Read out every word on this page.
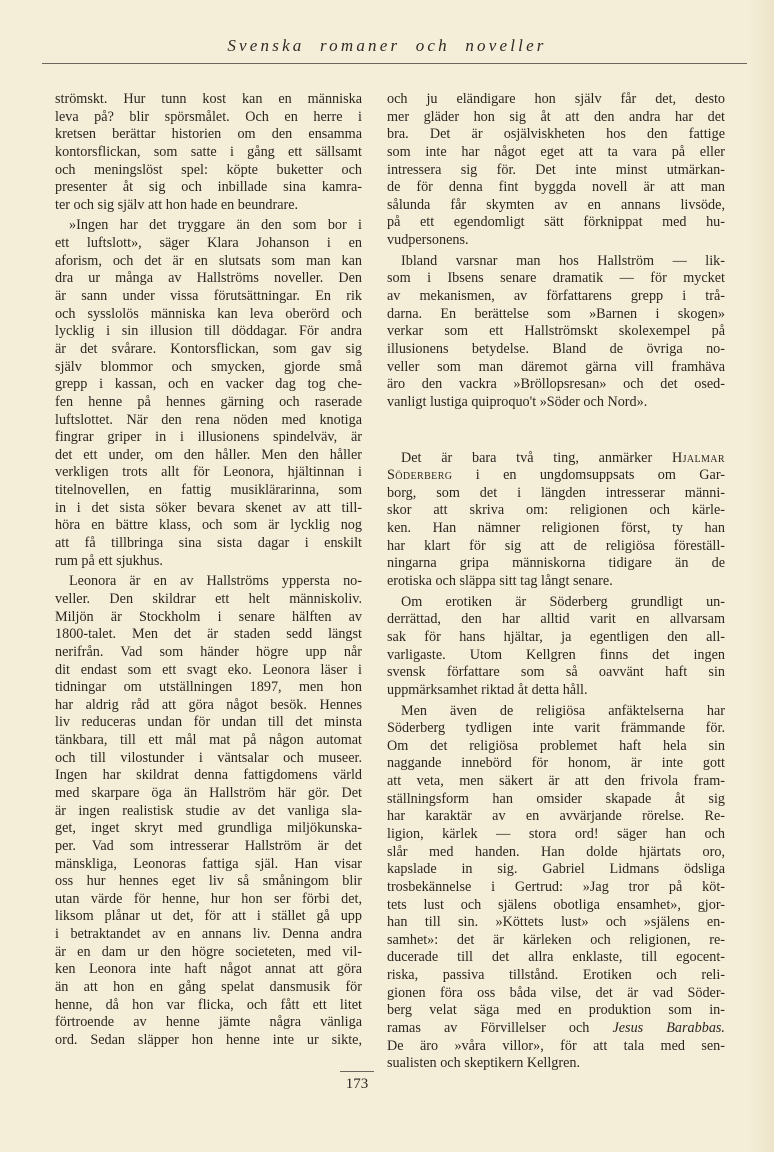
Svenska romaner och noveller
strömskt. Hur tunn kost kan en människa
leva på? blir spörsmålet. Och en herre i
kretsen berättar historien om den ensamma
kontorsflickan, som satte i gång ett sällsamt
och meningslöst spel: köpte buketter och
presenter åt sig och inbillade sina kamra-
ter och sig själv att hon hade en beundrare.
»Ingen har det tryggare än den som bor i
ett luftslott», säger Klara Johanson i en
aforism, och det är en slutsats som man kan
dra ur många av Hallströms noveller. Den
är sann under vissa förutsättningar. En rik
och sysslolös människa kan leva oberörd och
lycklig i sin illusion till döddagar. För andra
är det svårare. Kontorsflickan, som gav sig
själv blommor och smycken, gjorde små
grepp i kassan, och en vacker dag tog che-
fen henne på hennes gärning och raserade
luftslottet. När den rena nöden med knotiga
fingrar griper in i illusionens spindelväv, är
det ett under, om den håller. Men den håller
verkligen trots allt för Leonora, hjältinnan i
titelnovellen, en fattig musiklärarinna, som
in i det sista söker bevara skenet av att till-
höra en bättre klass, och som är lycklig nog
att få tillbringa sina sista dagar i enskilt
rum på ett sjukhus.
Leonora är en av Hallströms yppersta no-
veller. Den skildrar ett helt människoliv.
Miljön är Stockholm i senare hälften av
1800-talet. Men det är staden sedd längst
nerifrån. Vad som händer högre upp når
dit endast som ett svagt eko. Leonora läser i
tidningar om utställningen 1897, men hon
har aldrig råd att göra något besök. Hennes
liv reduceras undan för undan till det minsta
tänkbara, till ett mål mat på någon automat
och till vilostunder i väntsalar och museer.
Ingen har skildrat denna fattigdomens värld
med skarpare öga än Hallström här gör. Det
är ingen realistisk studie av det vanliga sla-
get, inget skryt med grundliga miljökunska-
per. Vad som intresserar Hallström är det
mänskliga, Leonoras fattiga själ. Han visar
oss hur hennes eget liv så småningom blir
utan värde för henne, hur hon ser förbi det,
liksom plånar ut det, för att i stället gå upp
i betraktandet av en annans liv. Denna andra
är en dam ur den högre societeten, med vil-
ken Leonora inte haft något annat att göra
än att hon en gång spelat dansmusik för
henne, då hon var flicka, och fått ett litet
förtroende av henne jämte några vänliga
ord. Sedan släpper hon henne inte ur sikte,
och ju eländigare hon själv får det, desto
mer gläder hon sig åt att den andra har det
bra. Det är osjälviskheten hos den fattige
som inte har något eget att ta vara på eller
intressera sig för. Det inte minst utmärkan-
de för denna fint byggda novell är att man
sålunda får skymten av en annans livsöde,
på ett egendomligt sätt förknippat med hu-
vudpersonens.
Ibland varsnar man hos Hallström — lik-
som i Ibsens senare dramatik — för mycket
av mekanismen, av författarens grepp i trå-
darna. En berättelse som »Barnen i skogen»
verkar som ett Hallströmskt skolexempel på
illusionens betydelse. Bland de övriga no-
veller som man däremot gärna vill framhäva
äro den vackra »Bröllopsresan» och det osed-
vanligt lustiga quiproquo't »Söder och Nord».
Det är bara två ting, anmärker Hjalmar
Söderberg i en ungdomsuppsats om Gar-
borg, som det i längden intresserar männi-
skor att skriva om: religionen och kärle-
ken. Han nämner religionen först, ty han
har klart för sig att de religiösa föreställ-
ningarna gripa människorna tidigare än de
erotiska och släppa sitt tag långt senare.
Om erotiken är Söderberg grundligt un-
derrättad, den har alltid varit en allvarsam
sak för hans hjältar, ja egentligen den all-
varligaste. Utom Kellgren finns det ingen
svensk författare som så oavvänt haft sin
uppmärksamhet riktad åt detta håll.
Men även de religiösa anfäktelserna har
Söderberg tydligen inte varit främmande för.
Om det religiösa problemet haft hela sin
naggande innebörd för honom, är inte gott
att veta, men säkert är att den frivola fram-
ställningsform han omsider skapade åt sig
har karaktär av en avvärjande rörelse. Re-
ligion, kärlek — stora ord! säger han och
slår med handen. Han dolde hjärtats oro,
kapslade in sig. Gabriel Lidmans ödsliga
trosbekännelse i Gertrud: »Jag tror på köt-
tets lust och själens obotliga ensamhet», gjor-
han till sin. »Köttets lust» och »själens en-
samhet»: det är kärleken och religionen, re-
ducerade till det allra enklaste, till egocent-
riska, passiva tillstånd. Erotiken och reli-
gionen föra oss båda vilse, det är vad Söder-
berg velat säga med en produktion som in-
ramas av Förvillelser och Jesus Barabbas.
De äro »våra villor», för att tala med sen-
sualisten och skeptikern Kellgren.
173
